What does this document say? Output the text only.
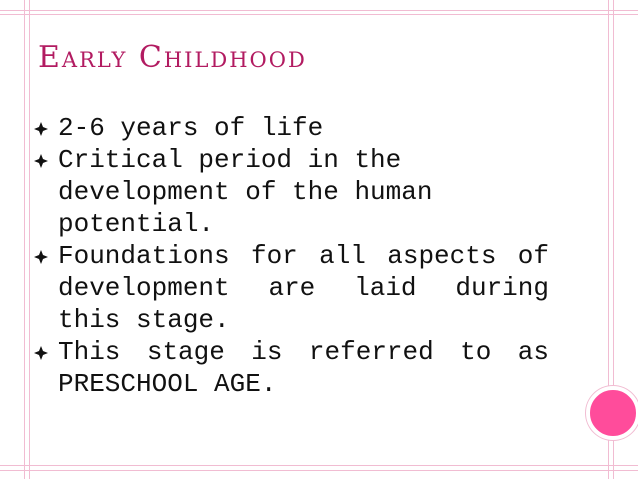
Early Childhood

2-6 years of life

Critical period in the development of the human potential.

Foundations for all aspects of development are laid during this stage.

This stage is referred to as PRESCHOOL AGE.
